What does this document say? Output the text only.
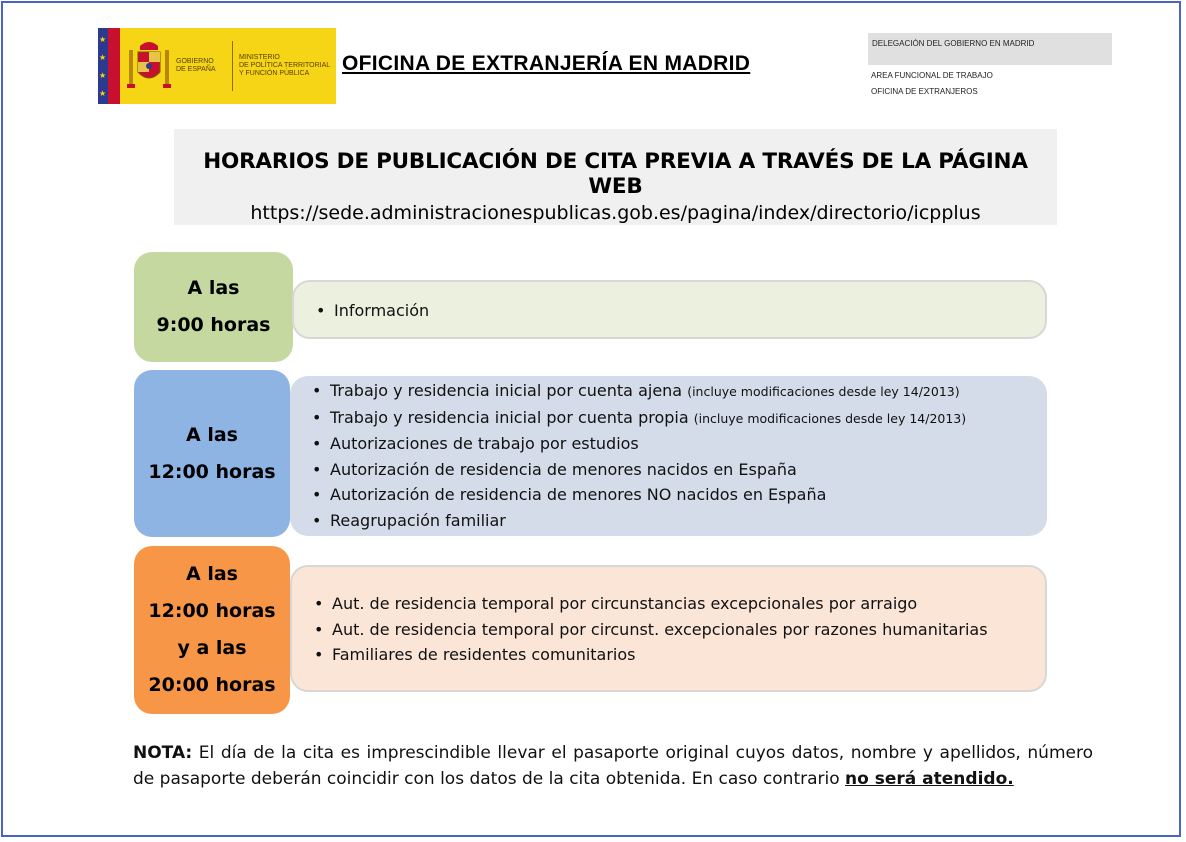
★
★
★
★
GOBIERNO
DE ESPAÑA
MINISTERIO
DE POLÍTICA TERRITORIAL
Y FUNCIÓN PÚBLICA	OFICINA DE EXTRANJERÍA EN MADRID
DELEGACIÓN DEL GOBIERNO EN MADRID
AREA FUNCIONAL DE TRABAJO
OFICINA DE EXTRANJEROS
HORARIOS DE PUBLICACIÓN DE CITA PREVIA A TRAVÉS DE LA PÁGINA WEB
https://sede.administracionespublicas.gob.es/pagina/index/directorio/icpplus
A las
9:00 horas
• Información
A las
12:00 horas
• Trabajo y residencia inicial por cuenta ajena (incluye modificaciones desde ley 14/2013)
• Trabajo y residencia inicial por cuenta propia (incluye modificaciones desde ley 14/2013)
• Autorizaciones de trabajo por estudios
• Autorización de residencia de menores nacidos en España
• Autorización de residencia de menores NO nacidos en España
• Reagrupación familiar
A las
12:00 horas
y a las
20:00 horas
• Aut. de residencia temporal por circunstancias excepcionales por arraigo
• Aut. de residencia temporal por circunst. excepcionales por razones humanitarias
• Familiares de residentes comunitarios
NOTA: El día de la cita es imprescindible llevar el pasaporte original cuyos datos, nombre y apellidos, número de pasaporte deberán coincidir con los datos de la cita obtenida. En caso contrario no será atendido.
